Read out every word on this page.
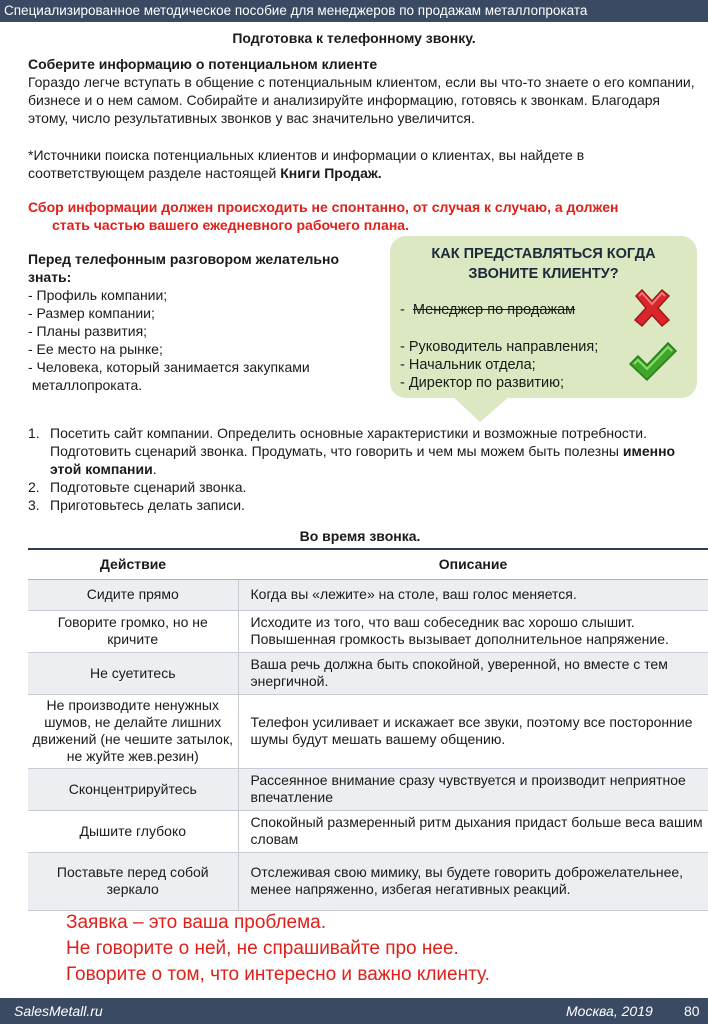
Специализированное методическое пособие для менеджеров по продажам металлопроката
Подготовка к телефонному звонку.
Соберите информацию о потенциальном клиенте
Гораздо легче вступать в общение с потенциальным клиентом, если вы что-то знаете о его компании, бизнесе и о нем самом. Собирайте и анализируйте информацию, готовясь к звонкам. Благодаря этому, число результативных звонков у вас значительно увеличится.
*Источники поиска потенциальных клиентов и информации о клиентах, вы найдете в соответствующем разделе настоящей Книги Продаж.
Сбор информации должен происходить не спонтанно, от случая к случаю, а должен
стать частью вашего ежедневного рабочего плана.
Перед телефонным разговором желательно знать:
- Профиль компании;
- Размер компании;
- Планы развития;
- Ее место на рынке;
- Человека, который занимается закупками
металлопроката.
КАК ПРЕДСТАВЛЯТЬСЯ КОГДА
ЗВОНИТЕ КЛИЕНТУ?
-  Менеджер по продажам
- Руководитель направления;
- Начальник отдела;
- Директор по развитию;
1. Посетить сайт компании. Определить основные характеристики и возможные потребности. Подготовить сценарий звонка. Продумать, что говорить и чем мы можем быть полезны именно этой компании.
2. Подготовьте сценарий звонка.
3. Приготовьтесь делать записи.
Во время звонка.
Действие	Описание
Сидите прямо	Когда вы «лежите» на столе, ваш голос меняется.
Говорите громко, но не кричите	Исходите из того, что ваш собеседник вас хорошо слышит. Повышенная громкость вызывает дополнительное напряжение.
Не суетитесь	Ваша речь должна быть спокойной, уверенной, но вместе с тем энергичной.
Не производите ненужных шумов, не делайте лишних движений (не чешите затылок, не жуйте жев.резин)	Телефон усиливает и искажает все звуки, поэтому все посторонние шумы будут мешать вашему общению.
Сконцентрируйтесь	Рассеянное внимание сразу чувствуется и производит неприятное впечатление
Дышите глубоко	Спокойный размеренный ритм дыхания придаст больше веса вашим словам
Поставьте перед собой зеркало	Отслеживая свою мимику, вы будете говорить доброжелательнее, менее напряженно, избегая негативных реакций.
Заявка – это ваша проблема.
Не говорите о ней, не спрашивайте про нее.
Говорите о том, что интересно и важно клиенту.
SalesMetall.ru	Москва, 2019 80
